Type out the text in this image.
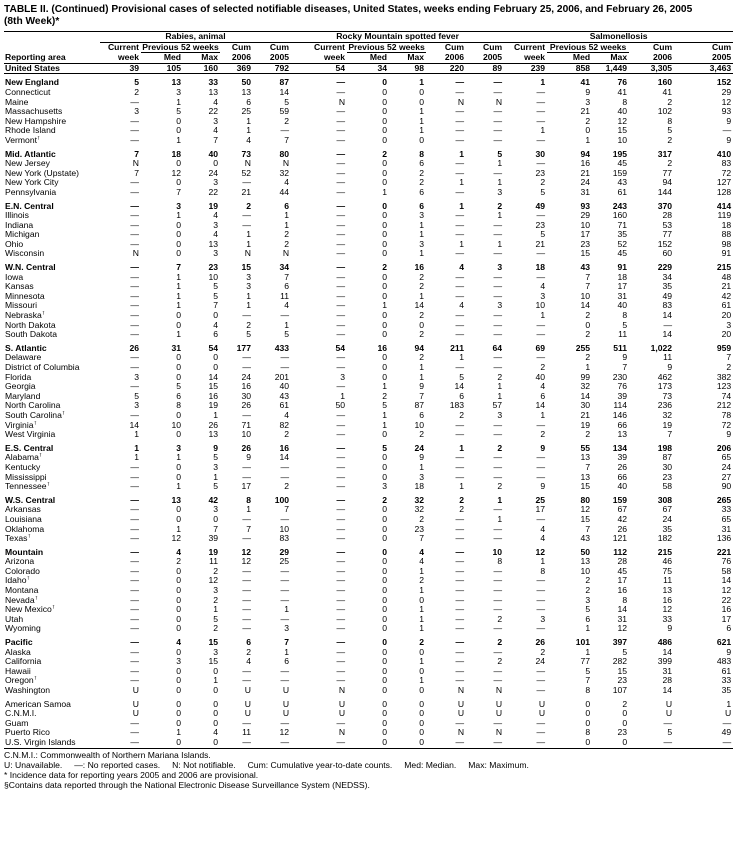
TABLE II. (Continued) Provisional cases of selected notifiable diseases, United States, weeks ending February 25, 2006, and February 26, 2005
(8th Week)*
	Rabies, animal					Rocky Mountain spotted fever					Salmonellosis				
	Current	Previous 52 weeks		Cum	Cum	Current	Previous 52 weeks		Cum	Cum	Current	Previous 52 weeks		Cum	Cum
Reporting area	week	Med	Max	2006	2005	week	Med	Max	2006	2005	week	Med	Max	2006	2005
United States	39	105	160	369	792	54	34	98	220	89	239	858	1,449	3,305	3,463

New England	5	13	33	50	87	—	0	1	—	—	1	41	76	160	152
Connecticut	2	3	13	13	14	—	0	0	—	—	—	9	41	41	29
Maine	—	1	4	6	5	N	0	0	N	N	—	3	8	2	12
Massachusetts	3	5	22	25	59	—	0	1	—	—	—	21	40	102	93
New Hampshire	—	0	3	1	2	—	0	1	—	—	—	2	12	8	9
Rhode Island	—	0	4	1	—	—	0	1	—	—	1	0	15	5	—
Vermont†	—	1	7	4	7	—	0	0	—	—	—	1	10	2	9

Mid. Atlantic	7	18	40	73	80	—	2	8	1	5	30	94	195	317	410
New Jersey	N	0	0	N	N	—	0	6	—	1	—	16	45	2	83
New York (Upstate)	7	12	24	52	32	—	0	2	—	—	23	21	159	77	72
New York City	—	0	3	—	4	—	0	2	1	1	2	24	43	94	127
Pennsylvania	—	7	22	21	44	—	1	6	—	3	5	31	61	144	128

E.N. Central	—	3	19	2	6	—	0	6	1	2	49	93	243	370	414
Illinois	—	1	4	—	1	—	0	3	—	1	—	29	160	28	119
Indiana	—	0	3	—	1	—	0	1	—	—	23	10	71	53	18
Michigan	—	0	4	1	2	—	0	1	—	—	5	17	35	77	88
Ohio	—	0	13	1	2	—	0	3	1	1	21	23	52	152	98
Wisconsin	N	0	3	N	N	—	0	1	—	—	—	15	45	60	91

W.N. Central	—	7	23	15	34	—	2	16	4	3	18	43	91	229	215
Iowa	—	1	10	3	7	—	0	2	—	—	—	7	18	34	48
Kansas	—	1	5	3	6	—	0	2	—	—	4	7	17	35	21
Minnesota	—	1	5	1	11	—	0	1	—	—	3	10	31	49	42
Missouri	—	1	7	1	4	—	1	14	4	3	10	14	40	83	61
Nebraska†	—	0	0	—	—	—	0	2	—	—	1	2	8	14	20
North Dakota	—	0	4	2	1	—	0	0	—	—	—	0	5	—	3
South Dakota	—	1	6	5	5	—	0	2	—	—	—	2	11	14	20

S. Atlantic	26	31	54	177	433	54	16	94	211	64	69	255	511	1,022	959
Delaware	—	0	0	—	—	—	0	2	1	—	—	2	9	11	7
District of Columbia	—	0	0	—	—	—	0	1	—	—	2	1	7	9	2
Florida	3	0	14	24	201	3	0	1	5	2	40	99	230	462	382
Georgia	—	5	15	16	40	—	1	9	14	1	4	32	76	173	123
Maryland	5	6	16	30	43	1	2	7	6	1	6	14	39	73	74
North Carolina	3	8	19	26	61	50	5	87	183	57	14	30	114	236	212
South Carolina†	—	0	1	—	4	—	1	6	2	3	1	21	146	32	78
Virginia†	14	10	26	71	82	—	1	10	—	—	—	19	66	19	72
West Virginia	1	0	13	10	2	—	0	2	—	—	2	2	13	7	9

E.S. Central	1	3	9	26	16	—	5	24	1	2	9	55	134	198	206
Alabama†	1	1	5	9	14	—	0	9	—	—	—	13	39	87	65
Kentucky	—	0	3	—	—	—	0	1	—	—	—	7	26	30	24
Mississippi	—	0	1	—	—	—	0	3	—	—	—	13	66	23	27
Tennessee†	—	1	5	17	2	—	3	18	1	2	9	15	40	58	90

W.S. Central	—	13	42	8	100	—	2	32	2	1	25	80	159	308	265
Arkansas	—	0	3	1	7	—	0	32	2	—	17	12	67	67	33
Louisiana	—	0	0	—	—	—	0	2	—	1	—	15	42	24	65
Oklahoma	—	1	7	7	10	—	0	23	—	—	4	7	26	35	31
Texas†	—	12	39	—	83	—	0	7	—	—	4	43	121	182	136

Mountain	—	4	19	12	29	—	0	4	—	10	12	50	112	215	221
Arizona	—	2	11	12	25	—	0	4	—	8	1	13	28	46	76
Colorado	—	0	2	—	—	—	0	1	—	—	8	10	45	75	58
Idaho†	—	0	12	—	—	—	0	2	—	—	—	2	17	11	14
Montana	—	0	3	—	—	—	0	1	—	—	—	2	16	13	12
Nevada†	—	0	2	—	—	—	0	0	—	—	—	3	8	16	22
New Mexico†	—	0	1	—	1	—	0	1	—	—	—	5	14	12	16
Utah	—	0	5	—	—	—	0	1	—	2	3	6	31	33	17
Wyoming	—	0	2	—	3	—	0	1	—	—	—	1	12	9	6

Pacific	—	4	15	6	7	—	0	2	—	2	26	101	397	486	621
Alaska	—	0	3	2	1	—	0	0	—	—	2	1	5	14	9
California	—	3	15	4	6	—	0	1	—	2	24	77	282	399	483
Hawaii	—	0	0	—	—	—	0	0	—	—	—	5	15	31	61
Oregon†	—	0	1	—	—	—	0	1	—	—	—	7	23	28	33
Washington	U	0	0	U	U	N	0	0	N	N	—	8	107	14	35

American Samoa	U	0	0	U	U	U	0	0	U	U	U	0	2	U	1
C.N.M.I.	U	0	0	U	U	U	0	0	U	U	U	0	0	U	U
Guam	—	0	0	—	—	—	0	0	—	—	—	0	0	—	—
Puerto Rico	—	1	4	11	12	N	0	0	N	N	—	8	23	5	49
U.S. Virgin Islands	—	0	0	—	—	—	0	0	—	—	—	0	0	—	—
C.N.M.I.: Commonwealth of Northern Mariana Islands.
U: Unavailable.     —: No reported cases.     N: Not notifiable.     Cum: Cumulative year-to-date counts.     Med: Median.     Max: Maximum.
* Incidence data for reporting years 2005 and 2006 are provisional.
§Contains data reported through the National Electronic Disease Surveillance System (NEDSS).
